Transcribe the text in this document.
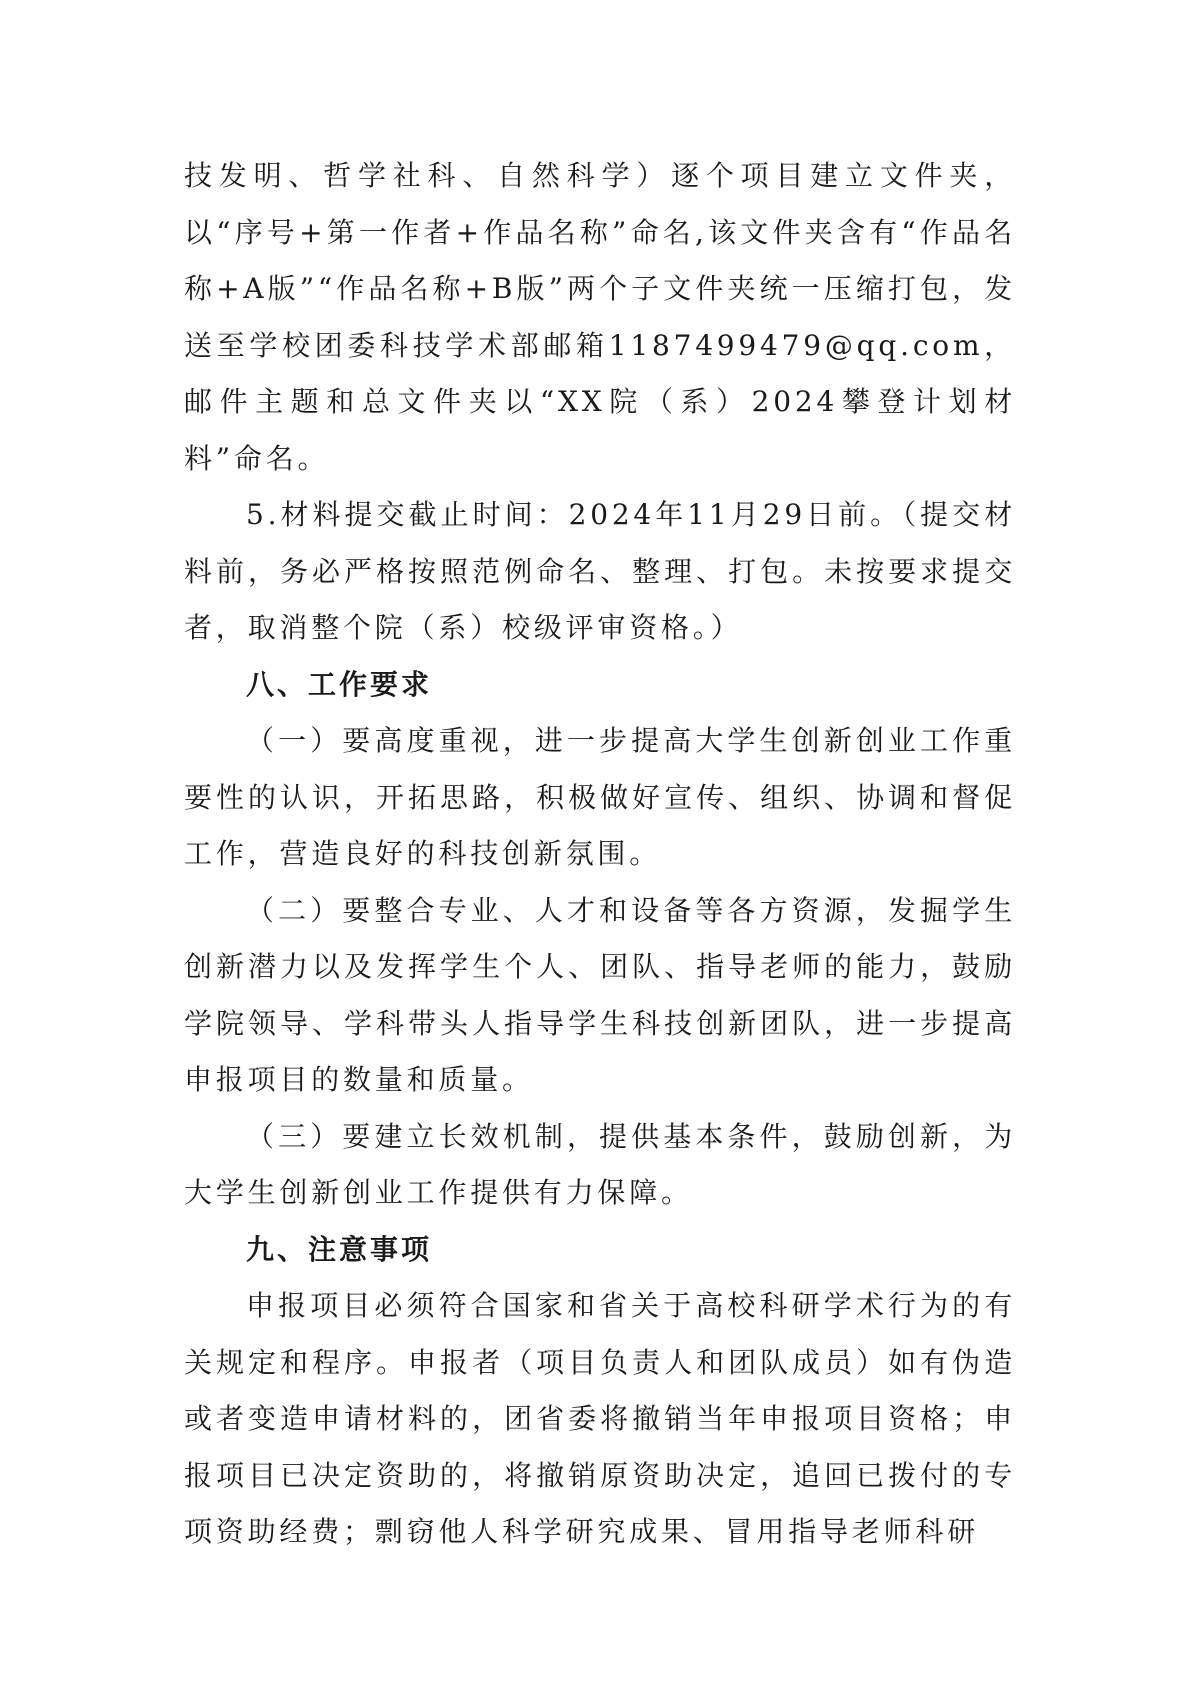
技发明、哲学社科、自然科学）逐个项目建立文件夹，以“序号+第一作者+作品名称”命名,该文件夹含有“作品名称+A版”“作品名称+B版”两个子文件夹统一压缩打包，发送至学校团委科技学术部邮箱1187499479@qq.com，邮件主题和总文件夹以“XX院（系）2024攀登计划材料”命名。

5.材料提交截止时间：2024年11月29日前。（提交材料前，务必严格按照范例命名、整理、打包。未按要求提交者，取消整个院（系）校级评审资格。）

八、工作要求

（一）要高度重视，进一步提高大学生创新创业工作重要性的认识，开拓思路，积极做好宣传、组织、协调和督促工作，营造良好的科技创新氛围。

（二）要整合专业、人才和设备等各方资源，发掘学生创新潜力以及发挥学生个人、团队、指导老师的能力，鼓励学院领导、学科带头人指导学生科技创新团队，进一步提高申报项目的数量和质量。

（三）要建立长效机制，提供基本条件，鼓励创新，为大学生创新创业工作提供有力保障。

九、注意事项

申报项目必须符合国家和省关于高校科研学术行为的有关规定和程序。申报者（项目负责人和团队成员）如有伪造或者变造申请材料的，团省委将撤销当年申报项目资格；申报项目已决定资助的，将撤销原资助决定，追回已拨付的专项资助经费；剽窃他人科学研究成果、冒用指导老师科研
